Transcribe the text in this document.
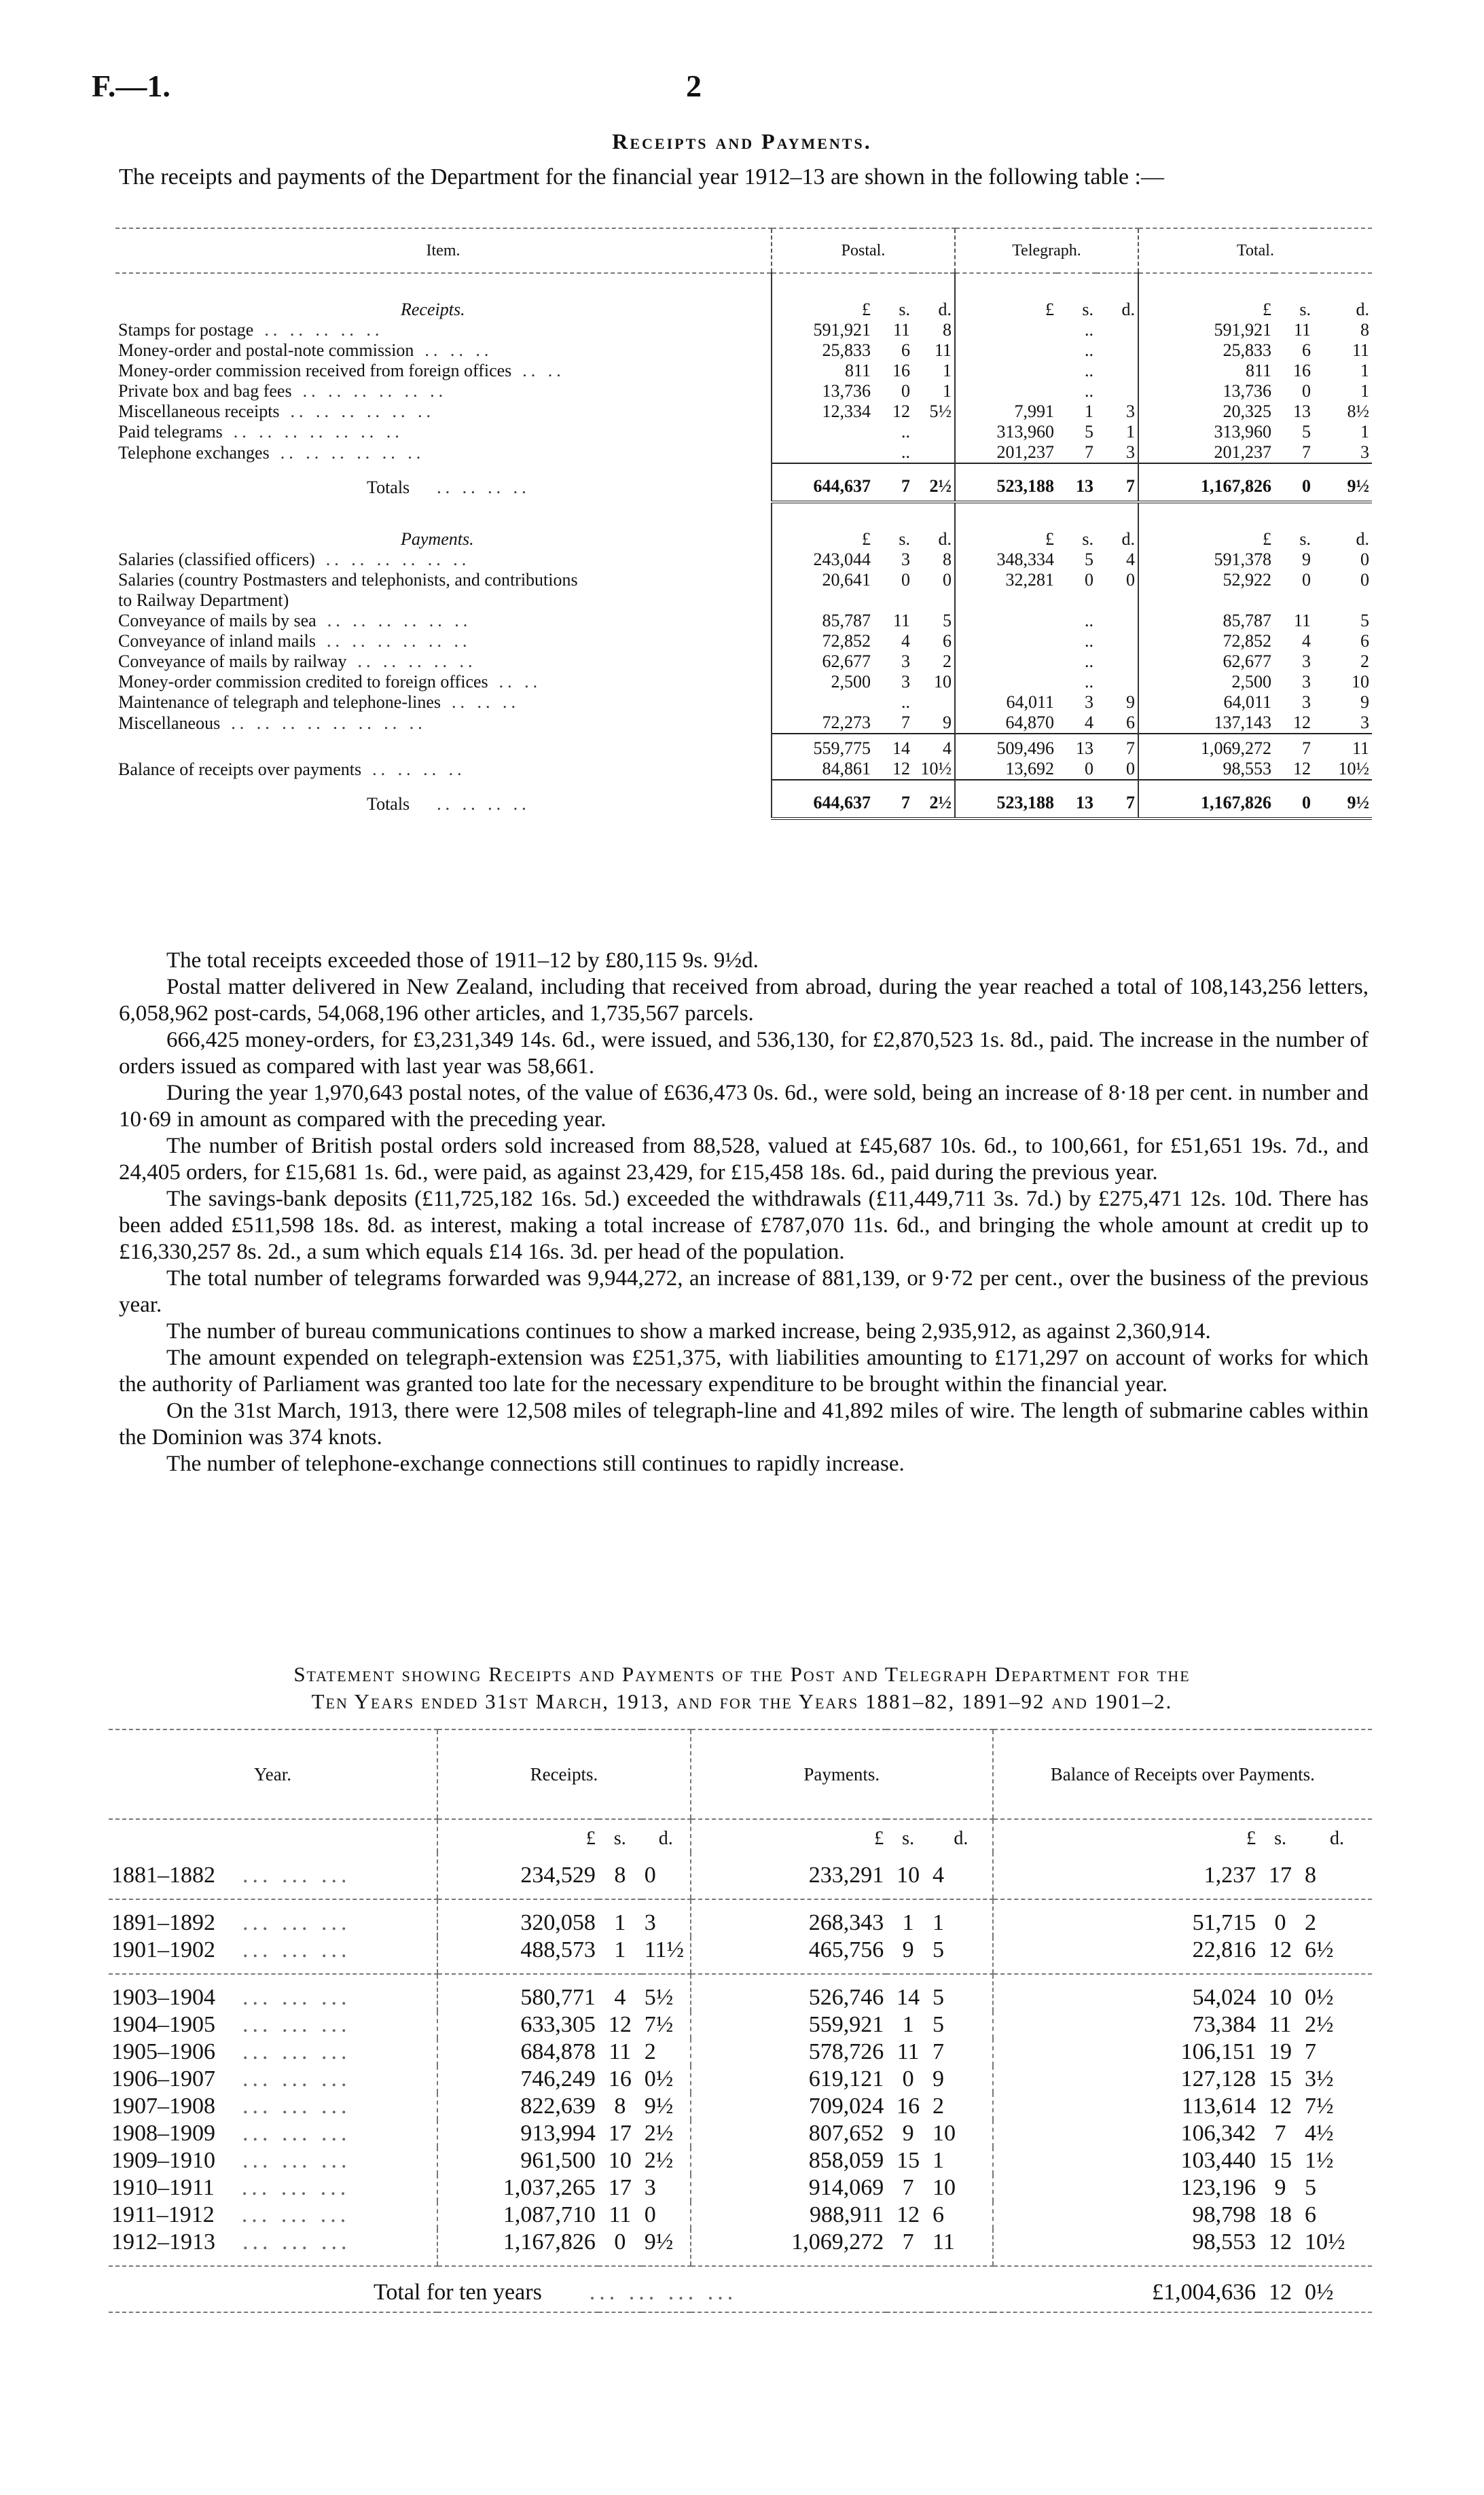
F.—1.	2
Receipts and Payments.
The receipts and payments of the Department for the financial year 1912–13 are shown in the following table :—
Item.	Postal.			Telegraph.			Total.		
Receipts.	£	s.	d.	£	s.	d.	£	s.	d.
Stamps for postage .. .. .. .. ..	591,921	11	8		..		591,921	11	8
Money-order and postal-note commission .. .. ..	25,833	6	11		..		25,833	6	11
Money-order commission received from foreign offices .. ..	811	16	1		..		811	16	1
Private box and bag fees .. .. .. .. .. ..	13,736	0	1		..		13,736	0	1
Miscellaneous receipts .. .. .. .. .. ..	12,334	12	5½	7,991	1	3	20,325	13	8½
Paid telegrams .. .. .. .. .. .. ..		..		313,960	5	1	313,960	5	1
Telephone exchanges .. .. .. .. .. ..		..		201,237	7	3	201,237	7	3
Totals .. .. .. ..	644,637	7	2½	523,188	13	7	1,167,826	0	9½
Payments.	£	s.	d.	£	s.	d.	£	s.	d.
Salaries (classified officers) .. .. .. .. .. ..	243,044	3	8	348,334	5	4	591,378	9	0
Salaries (country Postmasters and telephonists, and contributions	20,641	0	0	32,281	0	0	52,922	0	0
to Railway Department)									
Conveyance of mails by sea .. .. .. .. .. ..	85,787	11	5		..		85,787	11	5
Conveyance of inland mails .. .. .. .. .. ..	72,852	4	6		..		72,852	4	6
Conveyance of mails by railway .. .. .. .. ..	62,677	3	2		..		62,677	3	2
Money-order commission credited to foreign offices .. ..	2,500	3	10		..		2,500	3	10
Maintenance of telegraph and telephone-lines .. .. ..		..		64,011	3	9	64,011	3	9
Miscellaneous .. .. .. .. .. .. .. ..	72,273	7	9	64,870	4	6	137,143	12	3
	559,775	14	4	509,496	13	7	1,069,272	7	11
Balance of receipts over payments .. .. .. ..	84,861	12	10½	13,692	0	0	98,553	12	10½
Totals .. .. .. ..	644,637	7	2½	523,188	13	7	1,167,826	0	9½

The total receipts exceeded those of 1911–12 by £80,115 9s. 9½d.

Postal matter delivered in New Zealand, including that received from abroad, during the year reached a total of 108,143,256 letters, 6,058,962 post-cards, 54,068,196 other articles, and 1,735,567 parcels.

666,425 money-orders, for £3,231,349 14s. 6d., were issued, and 536,130, for £2,870,523 1s. 8d., paid. The increase in the number of orders issued as compared with last year was 58,661.

During the year 1,970,643 postal notes, of the value of £636,473 0s. 6d., were sold, being an increase of 8·18 per cent. in number and 10·69 in amount as compared with the preceding year.

The number of British postal orders sold increased from 88,528, valued at £45,687 10s. 6d., to 100,661, for £51,651 19s. 7d., and 24,405 orders, for £15,681 1s. 6d., were paid, as against 23,429, for £15,458 18s. 6d., paid during the previous year.

The savings-bank deposits (£11,725,182 16s. 5d.) exceeded the withdrawals (£11,449,711 3s. 7d.) by £275,471 12s. 10d. There has been added £511,598 18s. 8d. as interest, making a total increase of £787,070 11s. 6d., and bringing the whole amount at credit up to £16,330,257 8s. 2d., a sum which equals £14 16s. 3d. per head of the population.

The total number of telegrams forwarded was 9,944,272, an increase of 881,139, or 9·72 per cent., over the business of the previous year.

The number of bureau communications continues to show a marked increase, being 2,935,912, as against 2,360,914.

The amount expended on telegraph-extension was £251,375, with liabilities amounting to £171,297 on account of works for which the authority of Parliament was granted too late for the necessary expenditure to be brought within the financial year.

On the 31st March, 1913, there were 12,508 miles of telegraph-line and 41,892 miles of wire. The length of submarine cables within the Dominion was 374 knots.

The number of telephone-exchange connections still continues to rapidly increase.

Statement showing Receipts and Payments of the Post and Telegraph Department for the
Ten Years ended 31st March, 1913, and for the Years 1881–82, 1891–92 and 1901–2.
Year.	Receipts.			Payments.			Balance of Receipts over Payments.		
	£	s.	d.	£	s.	d.	£	s.	d.
1881–1882 ... ... ...	234,529	8	0	233,291	10	4	1,237	17	8
1891–1892 ... ... ...	320,058	1	3	268,343	1	1	51,715	0	2
1901–1902 ... ... ...	488,573	1	11½	465,756	9	5	22,816	12	6½
1903–1904 ... ... ...	580,771	4	5½	526,746	14	5	54,024	10	0½
1904–1905 ... ... ...	633,305	12	7½	559,921	1	5	73,384	11	2½
1905–1906 ... ... ...	684,878	11	2	578,726	11	7	106,151	19	7
1906–1907 ... ... ...	746,249	16	0½	619,121	0	9	127,128	15	3½
1907–1908 ... ... ...	822,639	8	9½	709,024	16	2	113,614	12	7½
1908–1909 ... ... ...	913,994	17	2½	807,652	9	10	106,342	7	4½
1909–1910 ... ... ...	961,500	10	2½	858,059	15	1	103,440	15	1½
1910–1911 ... ... ...	1,037,265	17	3	914,069	7	10	123,196	9	5
1911–1912 ... ... ...	1,087,710	11	0	988,911	12	6	98,798	18	6
1912–1913 ... ... ...	1,167,826	0	9½	1,069,272	7	11	98,553	12	10½
Total for ten years ... ... ... ...							£1,004,636	12	0½
